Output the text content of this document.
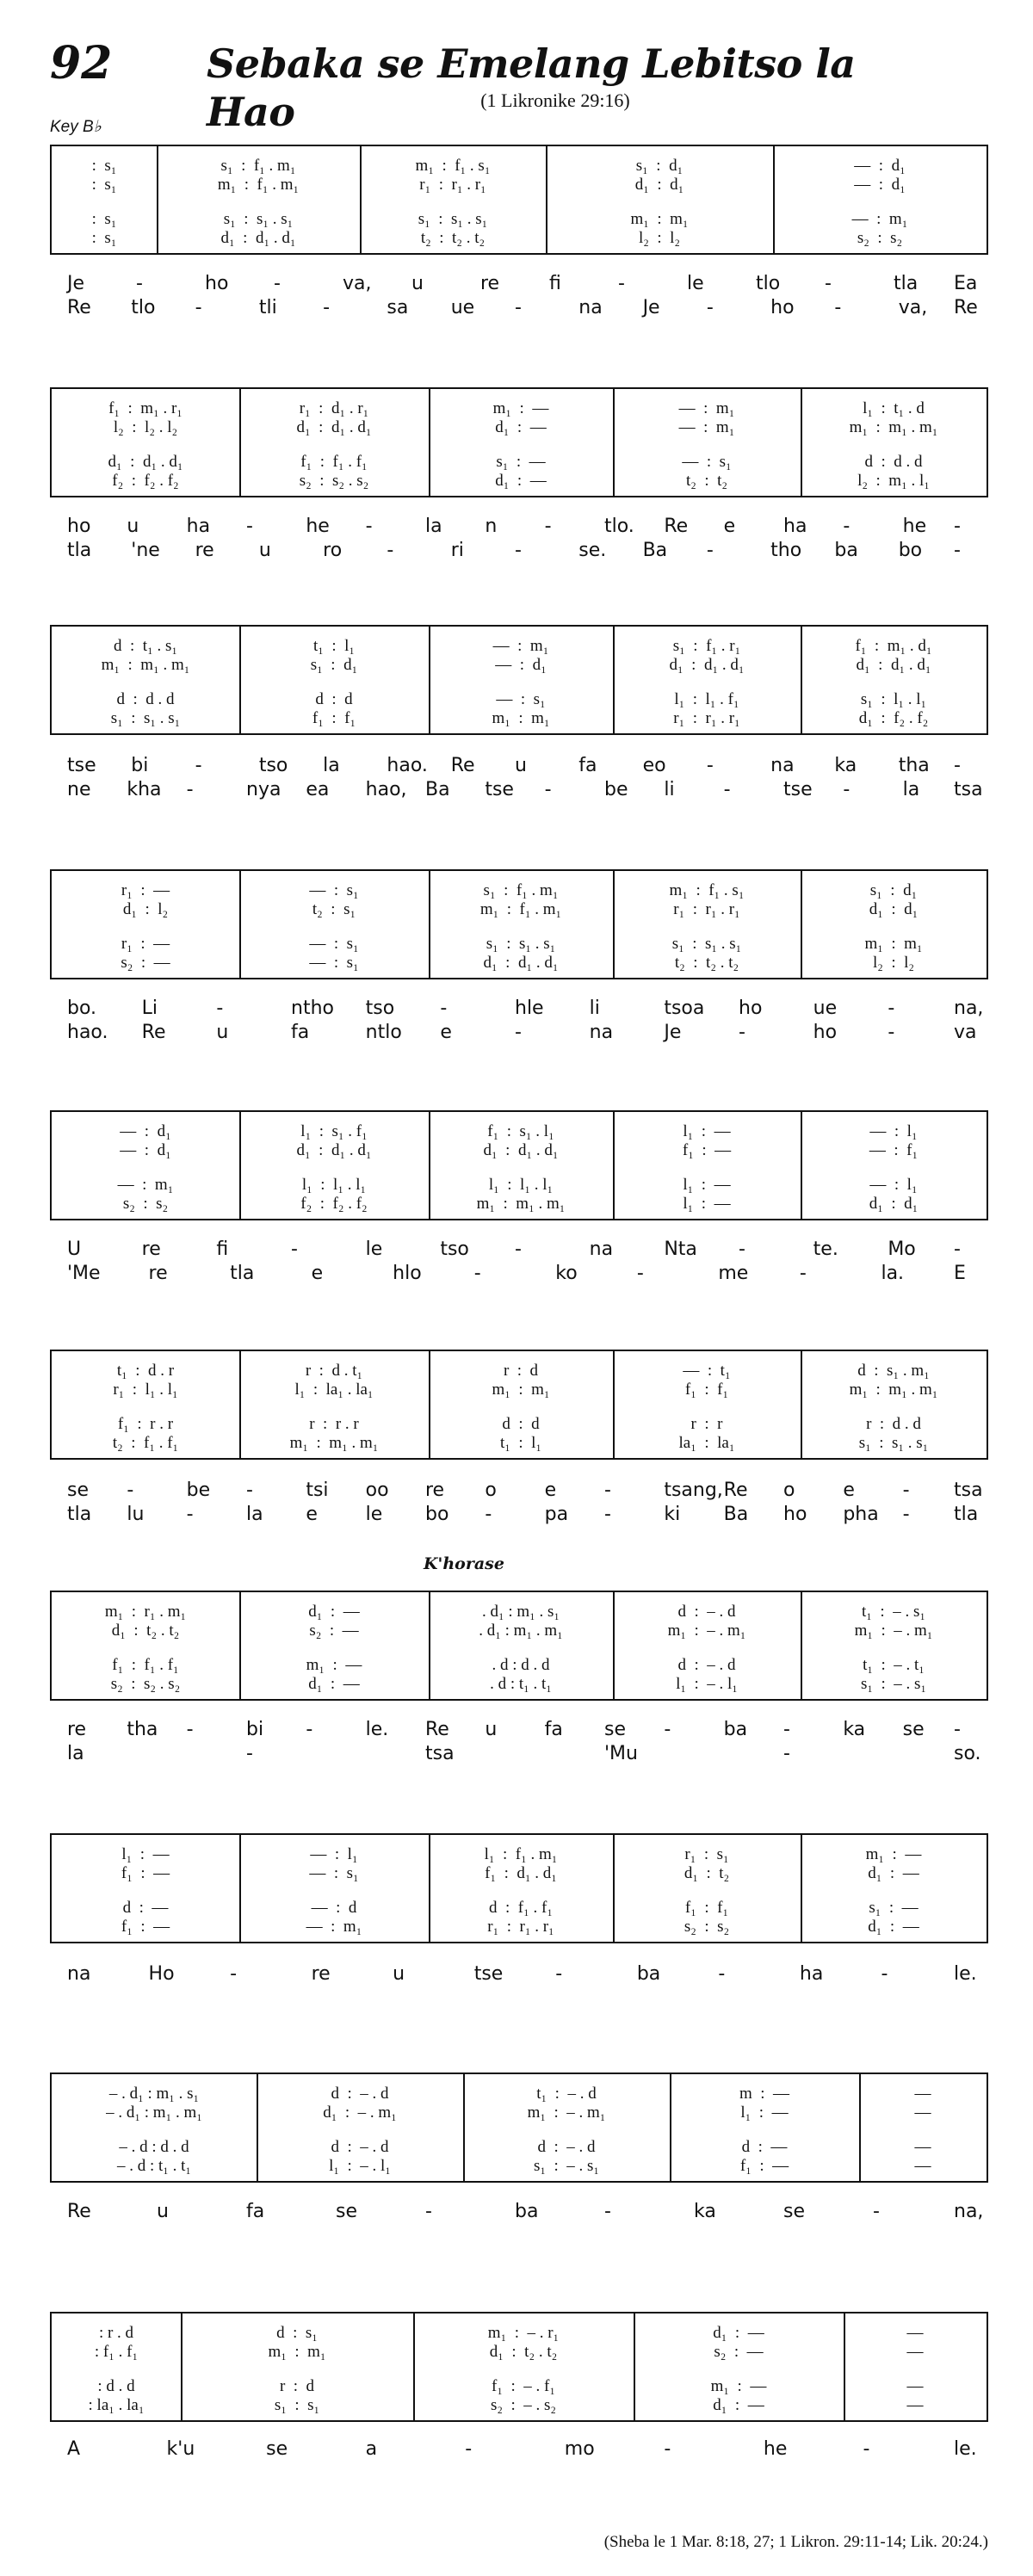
92 Sebaka se Emelang Lebitso la Hao	(1 Likronike 29:16)
Key B♭
:  s₁	s₁  :  f₁ . m₁	m₁  :  f₁ . s₁	s₁  :  d₁	—  :  d₁
:  s₁	m₁  :  f₁ . m₁	r₁  :  r₁ . r₁	d₁  :  d₁	—  :  d₁
:  s₁	s₁  :  s₁ . s₁	s₁  :  s₁ . s₁	m₁  :  m₁	—  :  m₁
:  s₁	d₁  :  d₁ . d₁	t₂  :  t₂ . t₂	l₂  :  l₂	s₂  :  s₂
Je	-	ho -	va, u	re	fi	-	le	tlo -	tla Ea
Re tlo -	tli -	sa ue -	na Je -	ho -	va, Re
f₁  :  m₁ . r₁	r₁  :  d₁ . r₁	m₁  :  —	—  :  m₁	l₁  :  t₁ . d
l₂  :  l₂ . l₂	d₁  :  d₁ . d₁	d₁  :  —	—  :  m₁	m₁  :  m₁ . m₁
d₁  :  d₁ . d₁	f₁  :  f₁ . f₁	s₁  :  —	—  :  s₁	d  :  d . d
f₂  :  f₂ . f₂	s₂  :  s₂ . s₂	d₁  :  —	t₂  :  t₂	l₂  :  m₁ . l₁
ho u	ha -	he -	la n	-	tlo. Re e	ha -	he -
tla 'ne re u	ro -	ri	-	se. Ba -	tho ba bo -
d  :  t₁ . s₁	t₁  :  l₁	—  :  m₁	s₁  :  f₁ . r₁	f₁  :  m₁ . d₁
m₁  :  m₁ . m₁	s₁  :  d₁	—  :  d₁	d₁  :  d₁ . d₁	d₁  :  d₁ . d₁
d  :  d . d	d  :  d	—  :  s₁	l₁  :  l₁ . f₁	s₁  :  l₁ . l₁
s₁  :  s₁ . s₁	f₁  :  f₁	m₁  :  m₁	r₁  :  r₁ . r₁	d₁  :  f₂ . f₂
tse bi -	tso la hao. Re u	fa eo -	na ka tha -
ne kha -	nya ea hao, Ba tse -	be li	-	tse -	la tsa
r₁  :  —	—  :  s₁	s₁  :  f₁ . m₁	m₁  :  f₁ . s₁	s₁  :  d₁
d₁  :  l₂	t₂  :  s₁	m₁  :  f₁ . m₁	r₁  :  r₁ . r₁	d₁  :  d₁
r₁  :  —	—  :  s₁	s₁  :  s₁ . s₁	s₁  :  s₁ . s₁	m₁  :  m₁
s₂  :  —	—  :  s₁	d₁  :  d₁ . d₁	t₂  :  t₂ . t₂	l₂  :  l₂
bo. Li	-	ntho tso -	hle li	tsoa ho	ue	-	na,
hao. Re	u	fa	ntlo e	-	na	Je	-	ho	-	va
—  :  d₁	l₁  :  s₁ . f₁	f₁  :  s₁ . l₁	l₁  :  —	—  :  l₁
—  :  d₁	d₁  :  d₁ . d₁	d₁  :  d₁ . d₁	f₁  :  —	—  :  f₁
—  :  m₁	l₁  :  l₁ . l₁	l₁  :  l₁ . l₁	l₁  :  —	—  :  l₁
s₂  :  s₂	f₂  :  f₂ . f₂	m₁  :  m₁ . m₁	l₁  :  —	d₁  :  d₁
U	re	fi	-	le	tso -	na	Nta -	te.	Mo -
'Me	re	tla	e	hlo	-	ko	-	me	-	la.	E
t₁  :  d . r	r  :  d . t₁	r  :  d	—  :  t₁	d  :  s₁ . m₁
r₁  :  l₁ . l₁	l₁  :  la₁ . la₁	m₁  :  m₁	f₁  :  f₁	m₁  :  m₁ . m₁
f₁  :  r . r	r  :  r . r	d  :  d	r  :  r	r  :  d . d
t₂  :  f₁ . f₁	m₁  :  m₁ . m₁	t₁  :  l₁	la₁  :  la₁	s₁  :  s₁ . s₁
se -	be -	tsi oo re o	e	-	tsang, Re o	e	- tsa
tla lu -	la e	le bo -	pa -	ki Ba ho pha - tla
m₁  :  r₁ . m₁	d₁  :  —	. d₁ : m₁ . s₁	d  :  – . d	t₁  :  – . s₁
d₁  :  t₂ . t₂	s₂  :  —	. d₁ : m₁ . m₁	m₁  :  – . m₁	m₁  :  – . m₁
f₁  :  f₁ . f₁	m₁  :  —	. d : d . d	d  :  – . d	t₁  :  – . t₁
s₂  :  s₂ . s₂	d₁  :  —	. d : t₁ . t₁	l₁  :  – . l₁	s₁  :  – . s₁
re tha -	bi -	le. Re u	fa se -	ba -	ka se -
la	-	tsa	'Mu	-	so.
l₁  :  —	—  :  l₁	l₁  :  f₁ . m₁	r₁  :  s₁	m₁  :  —
f₁  :  —	—  :  s₁	f₁  :  d₁ . d₁	d₁  :  t₂	d₁  :  —
d  :  —	—  :  d	d  :  f₁ . f₁	f₁  :  f₁	s₁  :  —
f₁  :  —	—  :  m₁	r₁  :  r₁ . r₁	s₂  :  s₂	d₁  :  —
na	Ho	-	re	u	tse	-	ba	-	ha	-	le.
– . d₁ : m₁ . s₁	d  :  – . d	t₁  :  – . d	m  :  —	—
– . d₁ : m₁ . m₁	d₁  :  – . m₁	m₁  :  – . m₁	l₁  :  —	—
– . d : d . d	d  :  – . d	d  :  – . d	d  :  —	—
– . d : t₁ . t₁	l₁  :  – . l₁	s₁  :  – . s₁	f₁  :  —	—
Re	u	fa	se	-	ba	-	ka	se	-	na,
: r . d	d  :  s₁	m₁  :  – . r₁	d₁  :  —	—
: f₁ . f₁	m₁  :  m₁	d₁  :  t₂ . t₂	s₂  :  —	—
: d . d	r  :  d	f₁  :  – . f₁	m₁  :  —	—
: la₁ . la₁	s₁  :  s₁	s₂  :  – . s₂	d₁  :  —	—
A	k'u	se	a	-	mo	-	he	-	le.
K'horase
(Sheba le 1 Mar. 8:18, 27; 1 Likron. 29:11-14; Lik. 20:24.)
